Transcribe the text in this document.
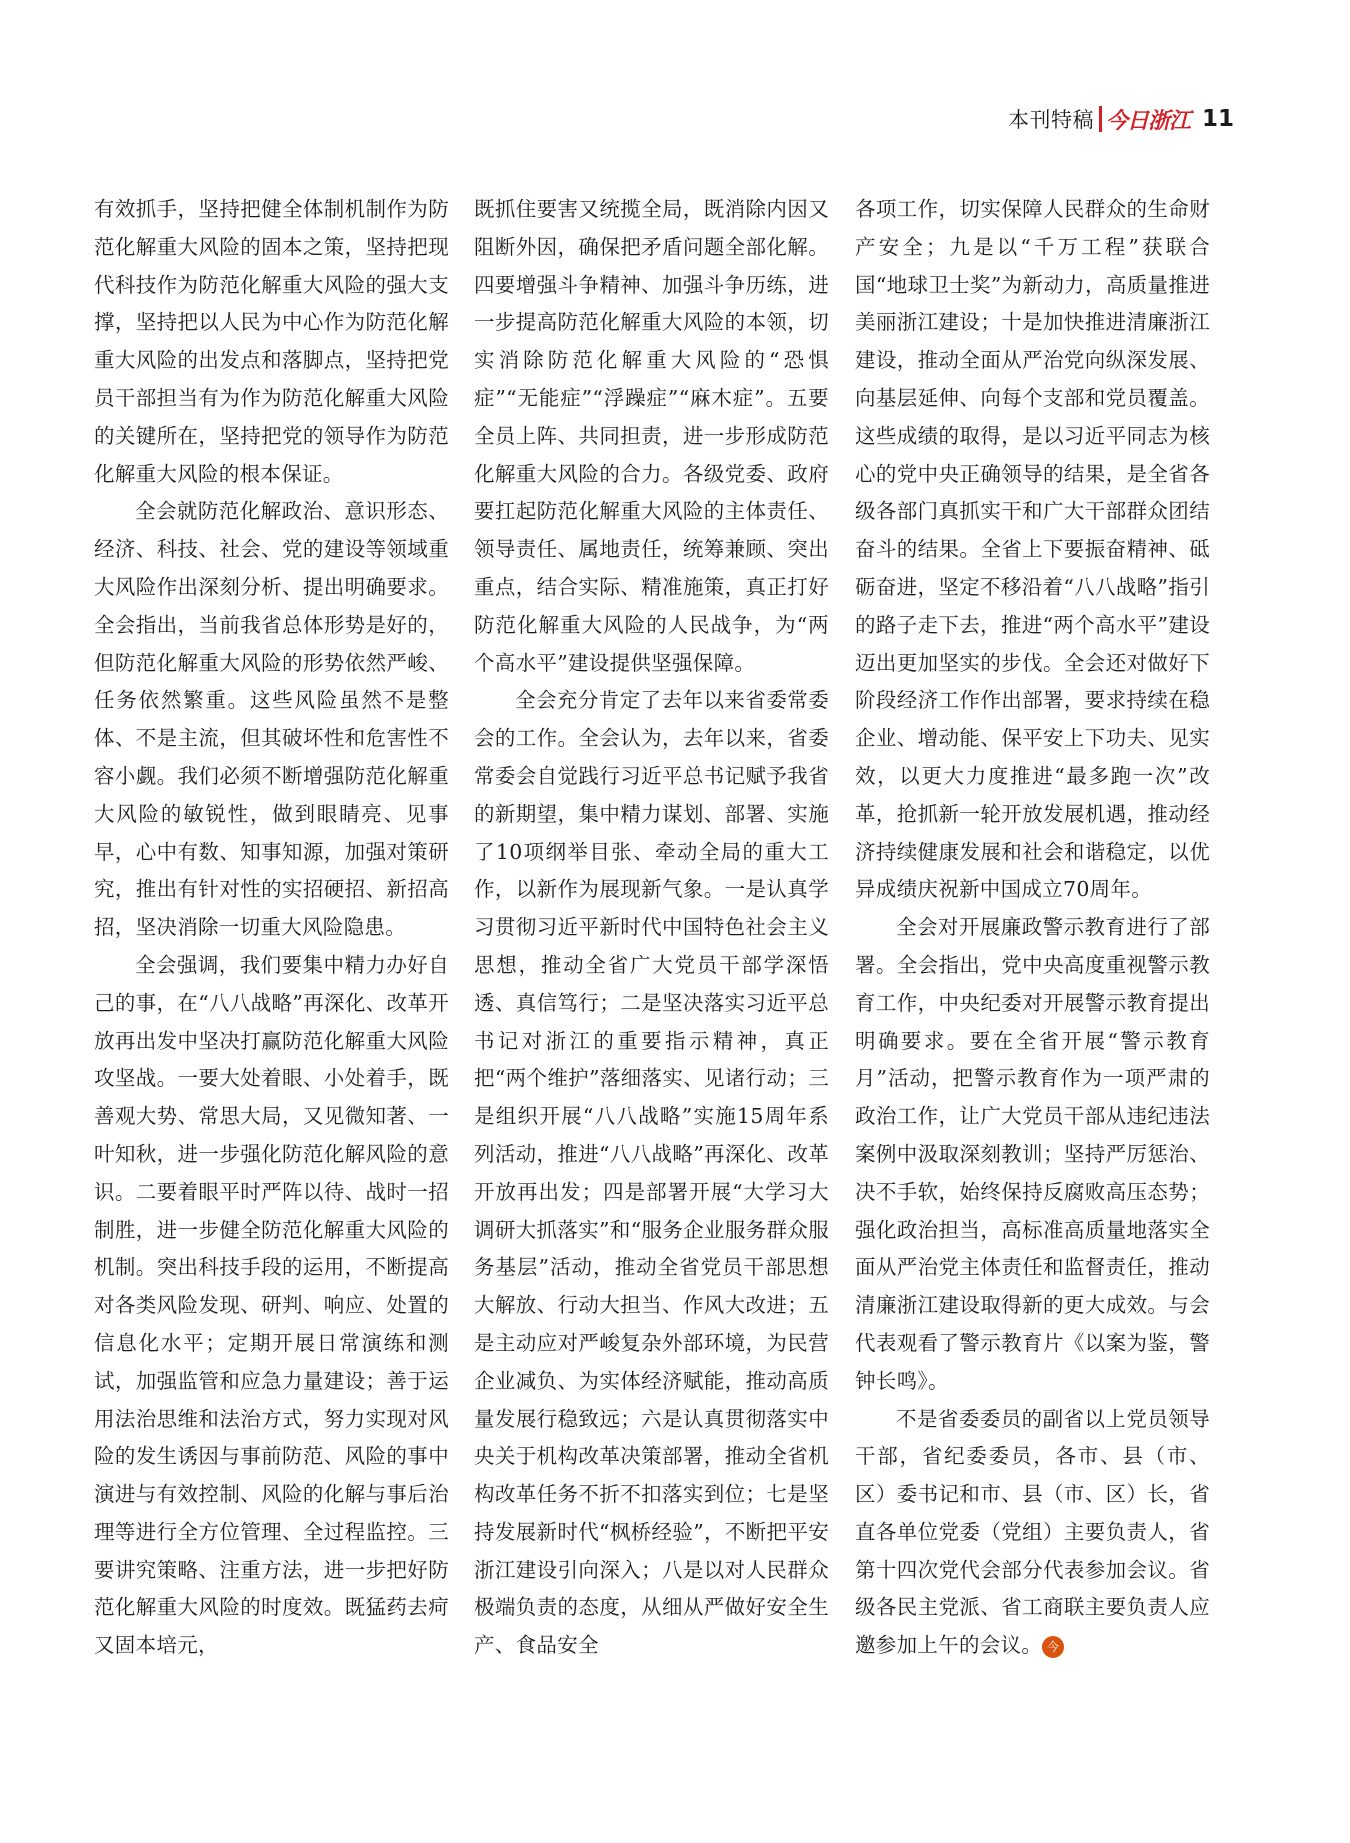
本刊特稿 今日浙江 11

有效抓手，坚持把健全体制机制作为防范化解重大风险的固本之策，坚持把现代科技作为防范化解重大风险的强大支撑，坚持把以人民为中心作为防范化解重大风险的出发点和落脚点，坚持把党员干部担当有为作为防范化解重大风险的关键所在，坚持把党的领导作为防范化解重大风险的根本保证。

全会就防范化解政治、意识形态、经济、科技、社会、党的建设等领域重大风险作出深刻分析、提出明确要求。全会指出，当前我省总体形势是好的，但防范化解重大风险的形势依然严峻、任务依然繁重。这些风险虽然不是整体、不是主流，但其破坏性和危害性不容小觑。我们必须不断增强防范化解重大风险的敏锐性，做到眼睛亮、见事早，心中有数、知事知源，加强对策研究，推出有针对性的实招硬招、新招高招，坚决消除一切重大风险隐患。

全会强调，我们要集中精力办好自己的事，在“八八战略”再深化、改革开放再出发中坚决打赢防范化解重大风险攻坚战。一要大处着眼、小处着手，既善观大势、常思大局，又见微知著、一叶知秋，进一步强化防范化解风险的意识。二要着眼平时严阵以待、战时一招制胜，进一步健全防范化解重大风险的机制。突出科技手段的运用，不断提高对各类风险发现、研判、响应、处置的信息化水平；定期开展日常演练和测试，加强监管和应急力量建设；善于运用法治思维和法治方式，努力实现对风险的发生诱因与事前防范、风险的事中演进与有效控制、风险的化解与事后治理等进行全方位管理、全过程监控。三要讲究策略、注重方法，进一步把好防范化解重大风险的时度效。既猛药去疴又固本培元，

既抓住要害又统揽全局，既消除内因又阻断外因，确保把矛盾问题全部化解。四要增强斗争精神、加强斗争历练，进一步提高防范化解重大风险的本领，切实消除防范化解重大风险的“恐惧症”“无能症”“浮躁症”“麻木症”。五要全员上阵、共同担责，进一步形成防范化解重大风险的合力。各级党委、政府要扛起防范化解重大风险的主体责任、领导责任、属地责任，统筹兼顾、突出重点，结合实际、精准施策，真正打好防范化解重大风险的人民战争，为“两个高水平”建设提供坚强保障。

全会充分肯定了去年以来省委常委会的工作。全会认为，去年以来，省委常委会自觉践行习近平总书记赋予我省的新期望，集中精力谋划、部署、实施了10项纲举目张、牵动全局的重大工作，以新作为展现新气象。一是认真学习贯彻习近平新时代中国特色社会主义思想，推动全省广大党员干部学深悟透、真信笃行；二是坚决落实习近平总书记对浙江的重要指示精神，真正把“两个维护”落细落实、见诸行动；三是组织开展“八八战略”实施15周年系列活动，推进“八八战略”再深化、改革开放再出发；四是部署开展“大学习大调研大抓落实”和“服务企业服务群众服务基层”活动，推动全省党员干部思想大解放、行动大担当、作风大改进；五是主动应对严峻复杂外部环境，为民营企业减负、为实体经济赋能，推动高质量发展行稳致远；六是认真贯彻落实中央关于机构改革决策部署，推动全省机构改革任务不折不扣落实到位；七是坚持发展新时代“枫桥经验”，不断把平安浙江建设引向深入；八是以对人民群众极端负责的态度，从细从严做好安全生产、食品安全

各项工作，切实保障人民群众的生命财产安全；九是以“千万工程”获联合国“地球卫士奖”为新动力，高质量推进美丽浙江建设；十是加快推进清廉浙江建设，推动全面从严治党向纵深发展、向基层延伸、向每个支部和党员覆盖。这些成绩的取得，是以习近平同志为核心的党中央正确领导的结果，是全省各级各部门真抓实干和广大干部群众团结奋斗的结果。全省上下要振奋精神、砥砺奋进，坚定不移沿着“八八战略”指引的路子走下去，推进“两个高水平”建设迈出更加坚实的步伐。全会还对做好下阶段经济工作作出部署，要求持续在稳企业、增动能、保平安上下功夫、见实效，以更大力度推进“最多跑一次”改革，抢抓新一轮开放发展机遇，推动经济持续健康发展和社会和谐稳定，以优异成绩庆祝新中国成立70周年。

全会对开展廉政警示教育进行了部署。全会指出，党中央高度重视警示教育工作，中央纪委对开展警示教育提出明确要求。要在全省开展“警示教育月”活动，把警示教育作为一项严肃的政治工作，让广大党员干部从违纪违法案例中汲取深刻教训；坚持严厉惩治、决不手软，始终保持反腐败高压态势；强化政治担当，高标准高质量地落实全面从严治党主体责任和监督责任，推动清廉浙江建设取得新的更大成效。与会代表观看了警示教育片《以案为鉴，警钟长鸣》。

不是省委委员的副省以上党员领导干部，省纪委委员，各市、县（市、区）委书记和市、县（市、区）长，省直各单位党委（党组）主要负责人，省第十四次党代会部分代表参加会议。省级各民主党派、省工商联主要负责人应邀参加上午的会议。 今
